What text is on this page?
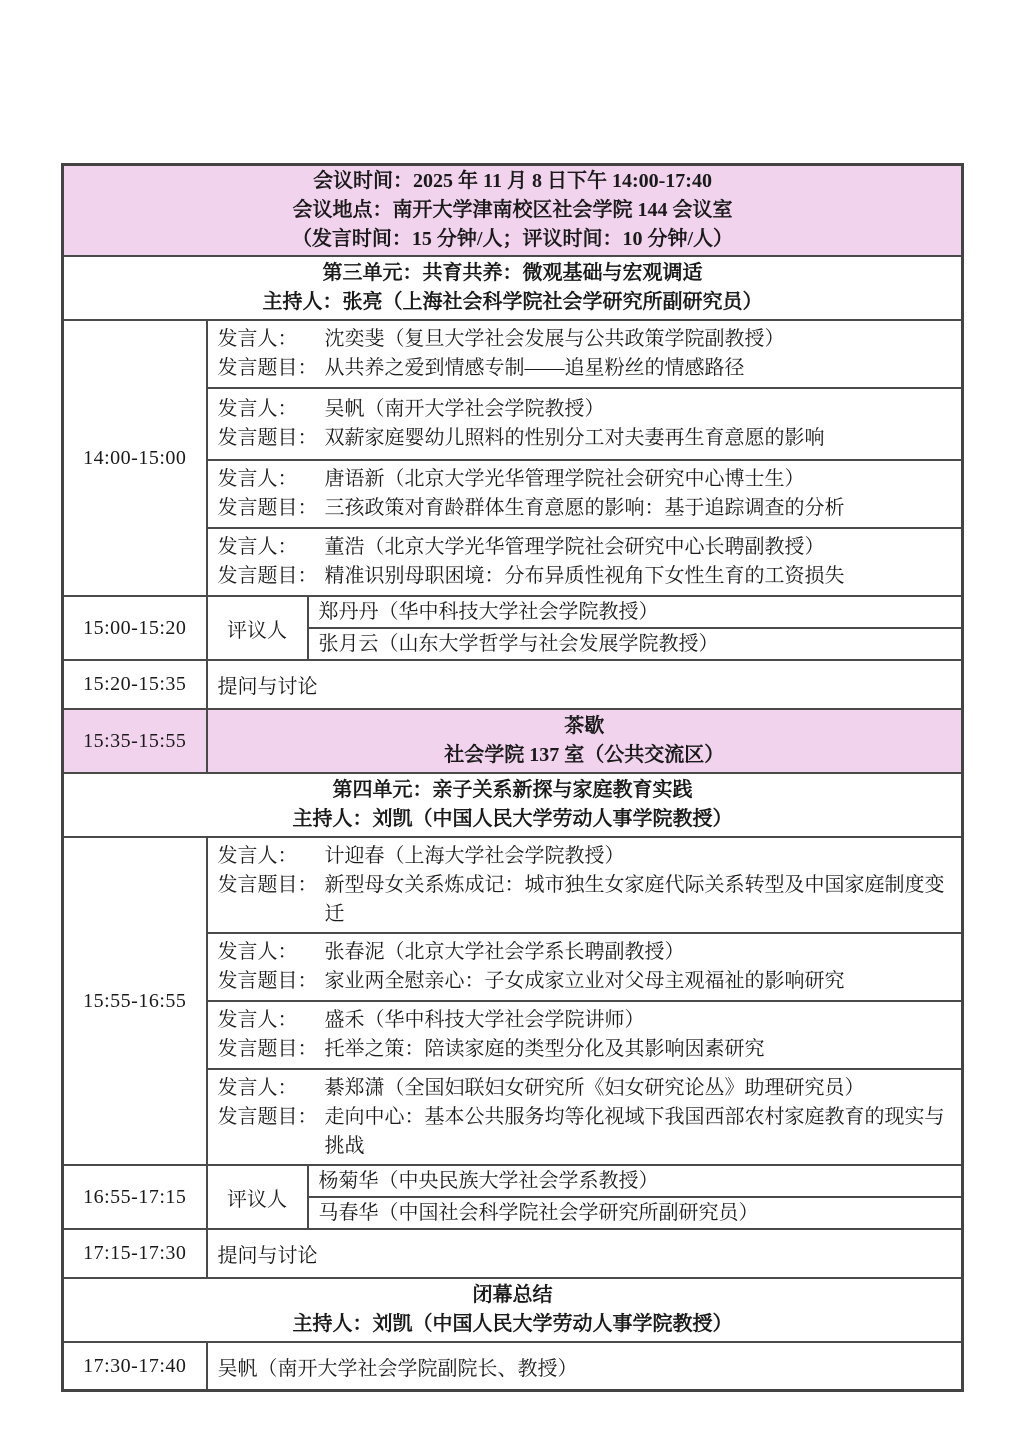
会议时间：2025 年 11 月 8 日下午 14:00-17:40
会议地点：南开大学津南校区社会学院 144 会议室
（发言时间：15 分钟/人；评议时间：10 分钟/人）		

第三单元：共育共养：微观基础与宏观调适
主持人：张亮（上海社会科学院社会学研究所副研究员）		

14:00-15:00	发言人： 沈奕斐（复旦大学社会发展与公共政策学院副教授）
发言题目： 从共养之爱到情感专制——追星粉丝的情感路径	

	发言人： 吴帆（南开大学社会学院教授）
发言题目： 双薪家庭婴幼儿照料的性别分工对夫妻再生育意愿的影响	

	发言人： 唐语新（北京大学光华管理学院社会研究中心博士生）
发言题目： 三孩政策对育龄群体生育意愿的影响：基于追踪调查的分析	

	发言人： 董浩（北京大学光华管理学院社会研究中心长聘副教授）
发言题目： 精准识别母职困境：分布异质性视角下女性生育的工资损失	

15:00-15:20	评议人	郑丹丹（华中科技大学社会学院教授）
		张月云（山东大学哲学与社会发展学院教授）
15:20-15:35	提问与讨论	
15:35-15:55	茶歇
社会学院 137 室（公共交流区）	

第四单元：亲子关系新探与家庭教育实践
主持人：刘凯（中国人民大学劳动人事学院教授）		

15:55-16:55	发言人： 计迎春（上海大学社会学院教授）
发言题目： 新型母女关系炼成记：城市独生女家庭代际关系转型及中国家庭制度变迁	

	发言人： 张春泥（北京大学社会学系长聘副教授）
发言题目： 家业两全慰亲心：子女成家立业对父母主观福祉的影响研究	

	发言人： 盛禾（华中科技大学社会学院讲师）
发言题目： 托举之策：陪读家庭的类型分化及其影响因素研究	

	发言人： 綦郑潇（全国妇联妇女研究所《妇女研究论丛》助理研究员）
发言题目： 走向中心：基本公共服务均等化视域下我国西部农村家庭教育的现实与挑战	

16:55-17:15	评议人	杨菊华（中央民族大学社会学系教授）
		马春华（中国社会科学院社会学研究所副研究员）
17:15-17:30	提问与讨论	

闭幕总结
主持人：刘凯（中国人民大学劳动人事学院教授）		

17:30-17:40	吴帆（南开大学社会学院副院长、教授）	
